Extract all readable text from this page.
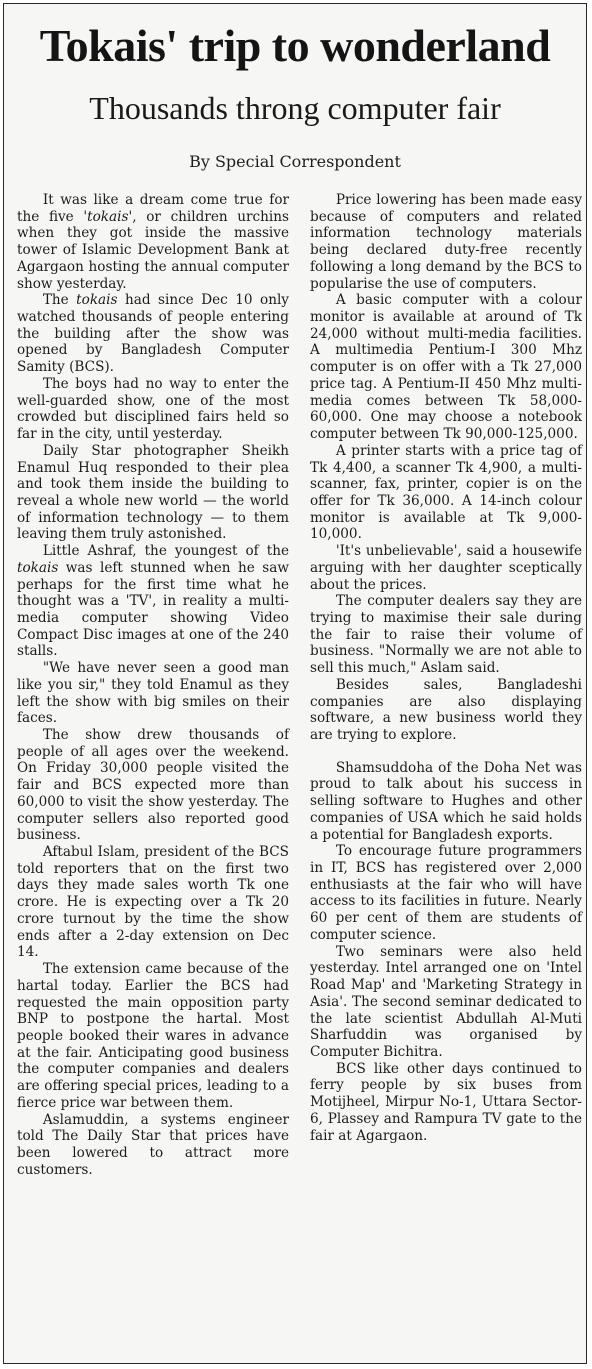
Tokais' trip to wonderland
Thousands throng computer fair
By Special Correspondent

It was like a dream come true for the five 'tokais', or children urchins when they got inside the massive tower of Islamic Development Bank at Agargaon hosting the annual computer show yesterday.

The tokais had since Dec 10 only watched thousands of people entering the building after the show was opened by Bangladesh Computer Samity (BCS).

The boys had no way to enter the well-guarded show, one of the most crowded but disciplined fairs held so far in the city, until yesterday.

Daily Star photographer Sheikh Enamul Huq responded to their plea and took them inside the building to reveal a whole new world — the world of information technology — to them leaving them truly astonished.

Little Ashraf, the youngest of the tokais was left stunned when he saw perhaps for the first time what he thought was a 'TV', in reality a multi-media computer showing Video Compact Disc images at one of the 240 stalls.

"We have never seen a good man like you sir," they told Enamul as they left the show with big smiles on their faces.

The show drew thousands of people of all ages over the weekend. On Friday 30,000 people visited the fair and BCS expected more than 60,000 to visit the show yesterday. The computer sellers also reported good business.

Aftabul Islam, president of the BCS told reporters that on the first two days they made sales worth Tk one crore. He is expecting over a Tk 20 crore turnout by the time the show ends after a 2-day extension on Dec 14.

The extension came because of the hartal today. Earlier the BCS had requested the main opposition party BNP to postpone the hartal. Most people booked their wares in advance at the fair. Anticipating good business the computer companies and dealers are offering special prices, leading to a fierce price war between them.

Aslamuddin, a systems engineer told The Daily Star that prices have been lowered to attract more customers.

Price lowering has been made easy because of computers and related information technology materials being declared duty-free recently following a long demand by the BCS to popularise the use of computers.

A basic computer with a colour monitor is available at around of Tk 24,000 without multi-media facilities. A multimedia Pentium-I 300 Mhz computer is on offer with a Tk 27,000 price tag. A Pentium-II 450 Mhz multi-media comes between Tk 58,000-60,000. One may choose a notebook computer between Tk 90,000-125,000.

A printer starts with a price tag of Tk 4,400, a scanner Tk 4,900, a multi-scanner, fax, printer, copier is on the offer for Tk 36,000. A 14-inch colour monitor is available at Tk 9,000-10,000.

'It's unbelievable', said a housewife arguing with her daughter sceptically about the prices.

The computer dealers say they are trying to maximise their sale during the fair to raise their volume of business. "Normally we are not able to sell this much," Aslam said.

Besides sales, Bangladeshi companies are also displaying software, a new business world they are trying to explore.

Shamsuddoha of the Doha Net was proud to talk about his success in selling software to Hughes and other companies of USA which he said holds a potential for Bangladesh exports.

To encourage future programmers in IT, BCS has registered over 2,000 enthusiasts at the fair who will have access to its facilities in future. Nearly 60 per cent of them are students of computer science.

Two seminars were also held yesterday. Intel arranged one on 'Intel Road Map' and 'Marketing Strategy in Asia'. The second seminar dedicated to the late scientist Abdullah Al-Muti Sharfuddin was organised by Computer Bichitra.

BCS like other days continued to ferry people by six buses from Motijheel, Mirpur No-1, Uttara Sector-6, Plassey and Rampura TV gate to the fair at Agargaon.
